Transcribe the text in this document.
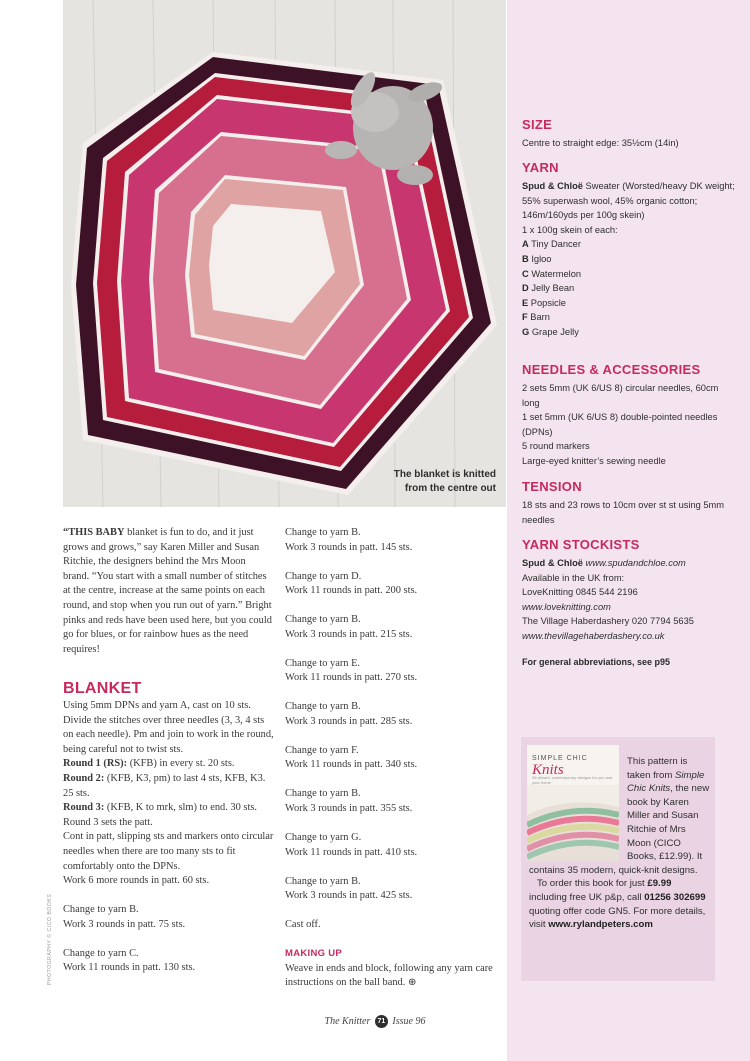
The blanket is knitted from the centre out
SIZE
Centre to straight edge: 35½cm (14in)
YARN
Spud & Chloë Sweater (Worsted/heavy DK weight; 55% superwash wool, 45% organic cotton; 146m/160yds per 100g skein)
1 x 100g skein of each:
A Tiny Dancer
B Igloo
C Watermelon
D Jelly Bean
E Popsicle
F Barn
G Grape Jelly
NEEDLES & ACCESSORIES
2 sets 5mm (UK 6/US 8) circular needles, 60cm long
1 set 5mm (UK 6/US 8) double-pointed needles (DPNs)
5 round markers
Large-eyed knitter’s sewing needle
TENSION
18 sts and 23 rows to 10cm over st st using 5mm needles
YARN STOCKISTS
Spud & Chloë www.spudandchloe.com
Available in the UK from:
LoveKnitting 0845 544 2196
www.loveknitting.com
The Village Haberdashery 020 7794 5635
www.thevillagehaberdashery.co.uk
For general abbreviations, see p95
SIMPLE CHIC Knits
35 vibrant, contemporary designs for you and your home
This pattern is taken from Simple Chic Knits, the new book by Karen Miller and Susan Ritchie of Mrs Moon (CICO Books, £12.99). It contains 35 modern, quick-knit designs.
To order this book for just £9.99 including free UK p&p, call 01256 302699 quoting offer code GN5. For more details, visit www.rylandpeters.com
“THIS BABY blanket is fun to do, and it just grows and grows,” say Karen Miller and Susan Ritchie, the designers behind the Mrs Moon brand. “You start with a small number of stitches at the centre, increase at the same points on each round, and stop when you run out of yarn.” Bright pinks and reds have been used here, but you could go for blues, or for rainbow hues as the need requires!
BLANKET

Using 5mm DPNs and yarn A, cast on 10 sts. Divide the stitches over three needles (3, 3, 4 sts on each needle). Pm and join to work in the round, being careful not to twist sts.

Round 1 (RS): (KFB) in every st. 20 sts.

Round 2: (KFB, K3, pm) to last 4 sts, KFB, K3. 25 sts.

Round 3: (KFB, K to mrk, slm) to end. 30 sts.

Round 3 sets the patt.

Cont in patt, slipping sts and markers onto circular needles when there are too many sts to fit comfortably onto the DPNs.

Work 6 more rounds in patt. 60 sts.

Change to yarn B.

Work 3 rounds in patt. 75 sts.

Change to yarn C.

Work 11 rounds in patt. 130 sts.

Change to yarn B.

Work 3 rounds in patt. 145 sts.

Change to yarn D.

Work 11 rounds in patt. 200 sts.

Change to yarn B.

Work 3 rounds in patt. 215 sts.

Change to yarn E.

Work 11 rounds in patt. 270 sts.

Change to yarn B.

Work 3 rounds in patt. 285 sts.

Change to yarn F.

Work 11 rounds in patt. 340 sts.

Change to yarn B.

Work 3 rounds in patt. 355 sts.

Change to yarn G.

Work 11 rounds in patt. 410 sts.

Change to yarn B.

Work 3 rounds in patt. 425 sts.

Cast off.

MAKING UP

Weave in ends and block, following any yarn care instructions on the ball band. ⊕

PHOTOGRAPHY © CICO BOOKS
The Knitter 71 Issue 96
